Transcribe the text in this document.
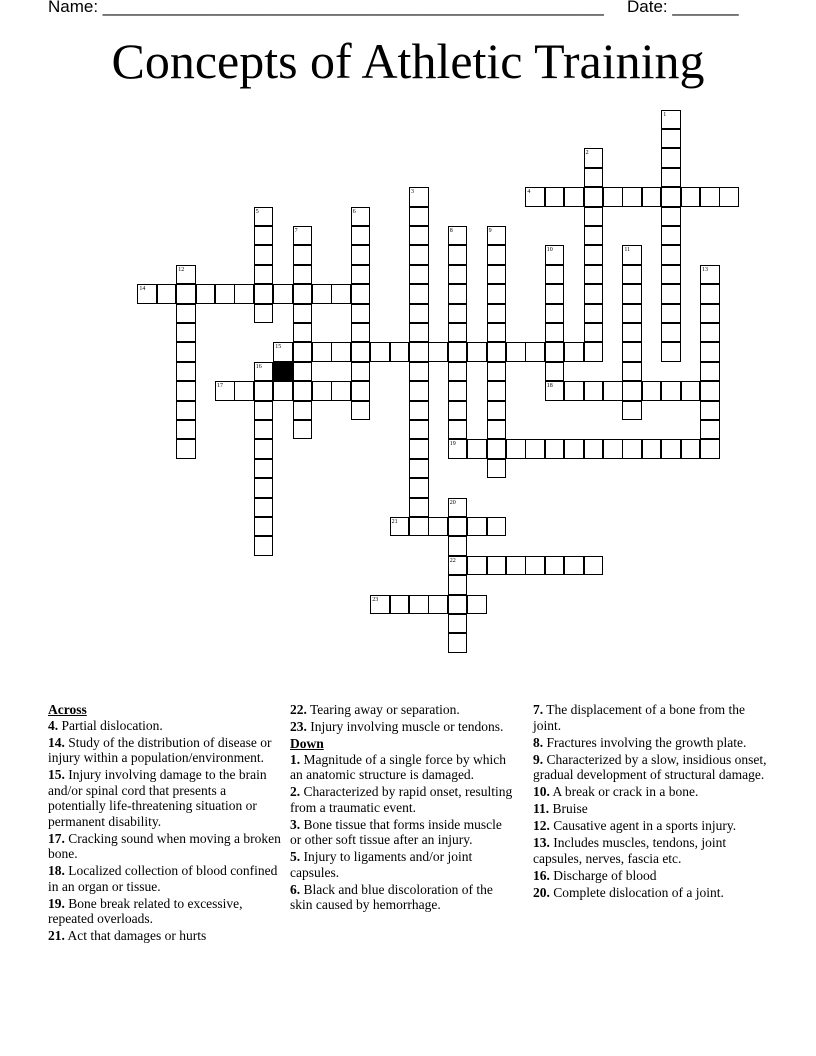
Name: _____________________________________________________ Date: _______
Concepts of Athletic Training
1
2
3	4
5	6
7	8	9
10	11
12	13
14
15
16
17	18
19
20
21
22
23
Across
4. Partial dislocation.
14. Study of the distribution of disease or injury within a population/environment.
15. Injury involving damage to the brain and/or spinal cord that presents a potentially life-threatening situation or permanent disability.
17. Cracking sound when moving a broken bone.
18. Localized collection of blood confined in an organ or tissue.
19. Bone break related to excessive, repeated overloads.
21. Act that damages or hurts
22. Tearing away or separation.
23. Injury involving muscle or tendons.
Down
1. Magnitude of a single force by which an anatomic structure is damaged.
2. Characterized by rapid onset, resulting from a traumatic event.
3. Bone tissue that forms inside muscle or other soft tissue after an injury.
5. Injury to ligaments and/or joint capsules.
6. Black and blue discoloration of the skin caused by hemorrhage.
7. The displacement of a bone from the joint.
8. Fractures involving the growth plate.
9. Characterized by a slow, insidious onset, gradual development of structural damage.
10. A break or crack in a bone.
11. Bruise
12. Causative agent in a sports injury.
13. Includes muscles, tendons, joint capsules, nerves, fascia etc.
16. Discharge of blood
20. Complete dislocation of a joint.
